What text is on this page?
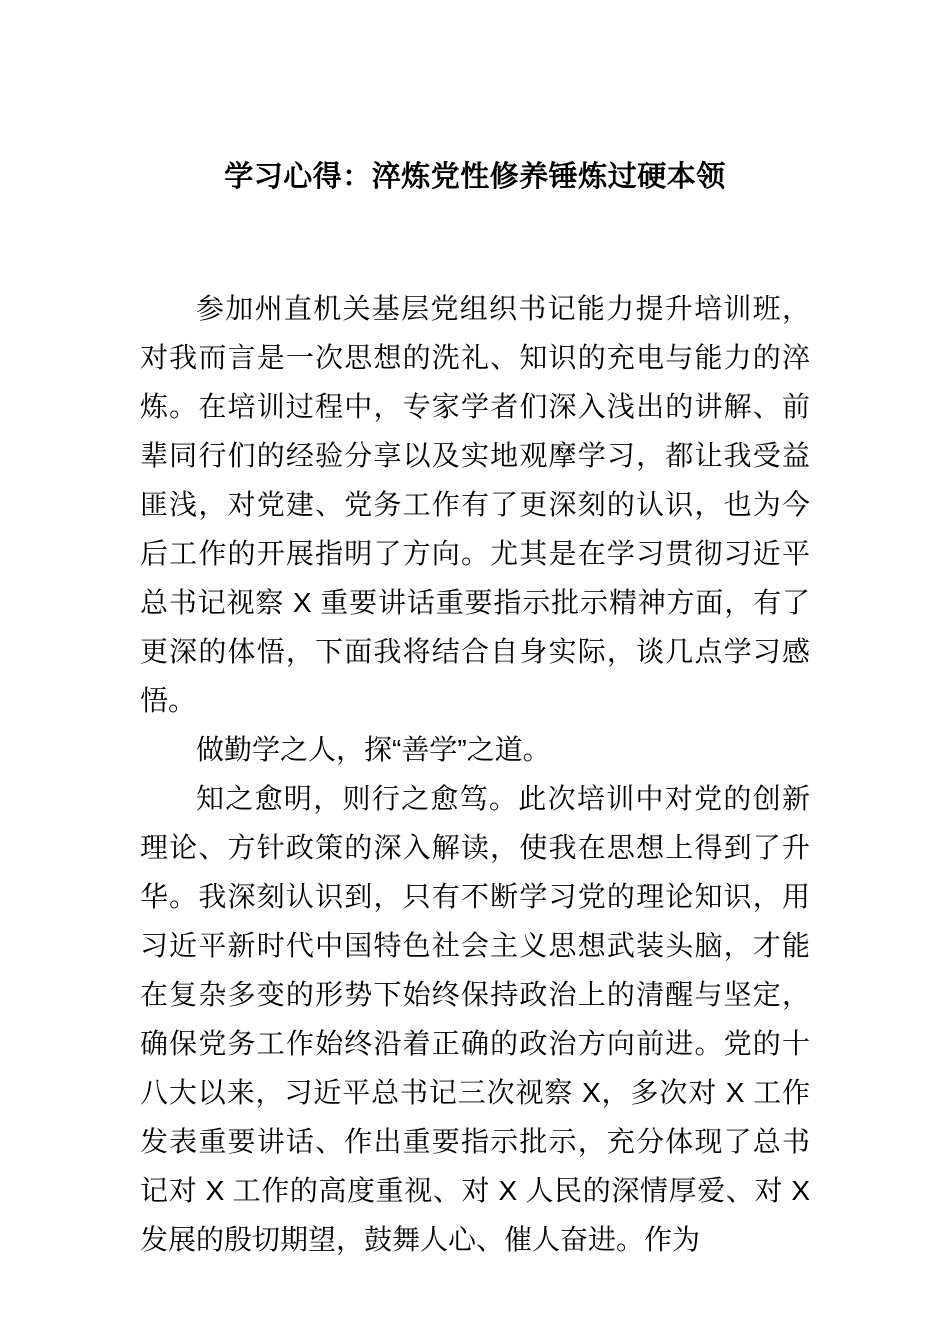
学习心得：淬炼党性修养锤炼过硬本领

参加州直机关基层党组织书记能力提升培训班，对我而言是一次思想的洗礼、知识的充电与能力的淬炼。在培训过程中，专家学者们深入浅出的讲解、前辈同行们的经验分享以及实地观摩学习，都让我受益匪浅，对党建、党务工作有了更深刻的认识，也为今后工作的开展指明了方向。尤其是在学习贯彻习近平总书记视察 X 重要讲话重要指示批示精神方面，有了更深的体悟，下面我将结合自身实际，谈几点学习感悟。

做勤学之人，探“善学”之道。

知之愈明，则行之愈笃。此次培训中对党的创新理论、方针政策的深入解读，使我在思想上得到了升华。我深刻认识到，只有不断学习党的理论知识，用习近平新时代中国特色社会主义思想武装头脑，才能在复杂多变的形势下始终保持政治上的清醒与坚定，确保党务工作始终沿着正确的政治方向前进。党的十八大以来，习近平总书记三次视察 X，多次对 X 工作发表重要讲话、作出重要指示批示，充分体现了总书记对 X 工作的高度重视、对 X 人民的深情厚爱、对 X 发展的殷切期望，鼓舞人心、催人奋进。作为
